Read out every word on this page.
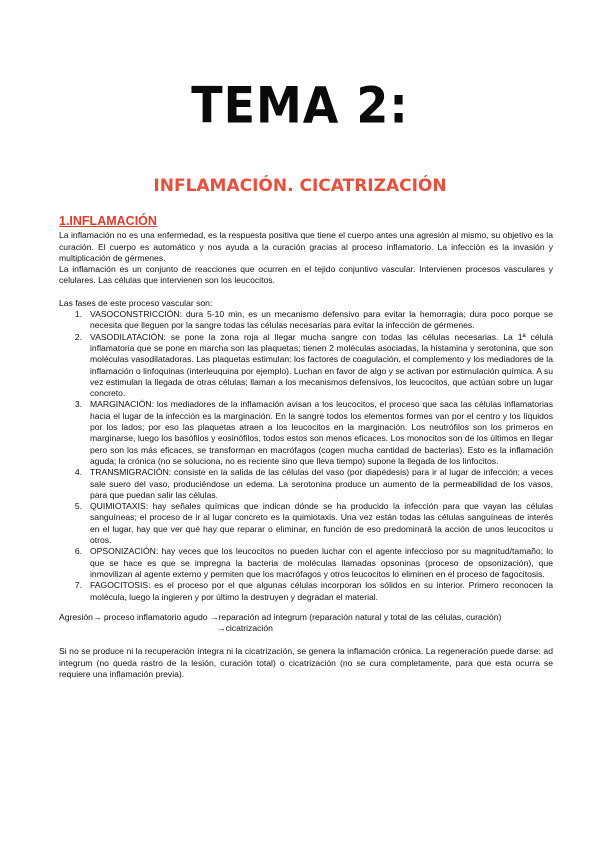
TEMA 2:
INFLAMACIÓN. CICATRIZACIÓN
1.INFLAMACIÓN

La inflamación no es una enfermedad, es la respuesta positiva que tiene el cuerpo antes una agresión al mismo, su objetivo es la curación. El cuerpo es automático y nos ayuda a la curación gracias al proceso inflamatorio. La infección es la invasión y multiplicación de gérmenes.

La inflamación es un conjunto de reacciones que ocurren en el tejido conjuntivo vascular. Intervienen procesos vasculares y celulares. Las células que intervienen son los leucocitos.

Las fases de este proceso vascular son:

1. VASOCONSTRICCIÓN: dura 5-10 min, es un mecanismo defensivo para evitar la hemorragia; dura poco porque se necesita que lleguen por la sangre todas las células necesarias para evitar la infección de gérmenes.
2. VASODILATACIÓN: se pone la zona roja al llegar mucha sangre con todas las células necesarias. La 1ª célula inflamatoria que se pone en marcha son las plaquetas; tienen 2 moléculas asociadas, la histamina y serotonina, que son moléculas vasodilatadoras. Las plaquetas estimulan: los factores de coagulación, el complemento y los mediadores de la inflamación o linfoquinas (interleuquina por ejemplo). Luchan en favor de algo y se activan por estimulación química. A su vez estimulan la llegada de otras células; llaman a los mecanismos defensivos, los leucocitos, que actúan sobre un lugar concreto.
3. MARGINACIÓN: los mediadores de la inflamación avisan a los leucocitos, el proceso que saca las células inflamatorias hacia el lugar de la infección es la marginación. En la sangre todos los elementos formes van por el centro y los líquidos por los lados; por eso las plaquetas atraen a los leucocitos en la marginación. Los neutrófilos son los primeros en marginarse, luego los basófilos y eosinófilos, todos estos son menos eficaces. Los monocitos son de los últimos en llegar pero son los más eficaces, se transforman en macrófagos (cogen mucha cantidad de bacterias). Esto es la inflamación aguda; la crónica (no se soluciona, no es reciente sino que lleva tiempo) supone la llegada de los linfocitos.
4. TRANSMIGRACIÓN: consiste en la salida de las células del vaso (por diapédesis) para ir al lugar de infección; a veces sale suero del vaso, produciéndose un edema. La serotonina produce un aumento de la permeabilidad de los vasos, para que puedan salir las células.
5. QUIMIOTAXIS: hay señales químicas que indican dónde se ha producido la infección para que vayan las células sanguíneas; el proceso de ir al lugar concreto es la quimiotaxis. Una vez están todas las células sanguíneas de interés en el lugar, hay que ver qué hay que reparar o eliminar, en función de eso predominará la acción de unos leucocitos u otros.
6. OPSONIZACIÓN: hay veces que los leucocitos no pueden luchar con el agente infeccioso por su magnitud/tamaño; lo que se hace es que se impregna la bacteria de moléculas llamadas opsoninas (proceso de opsonización), que inmovilizan al agente externo y permiten que los macrófagos y otros leucocitos lo eliminen en el proceso de fagocitosis.
7. FAGOCITOSIS: es el proceso por el que algunas células incorporan los sólidos en su interior. Primero reconocen la molécula, luego la ingieren y por último la destruyen y degradan el material.
Agresión→ proceso inflamatorio agudo →reparación ad integrum (reparación natural y total de las células, curación)
→cicatrización

Si no se produce ni la recuperación íntegra ni la cicatrización, se genera la inflamación crónica. La regeneración puede darse: ad integrum (no queda rastro de la lesión, curación total) o cicatrización (no se cura completamente, para que esta ocurra se requiere una inflamación previa).
